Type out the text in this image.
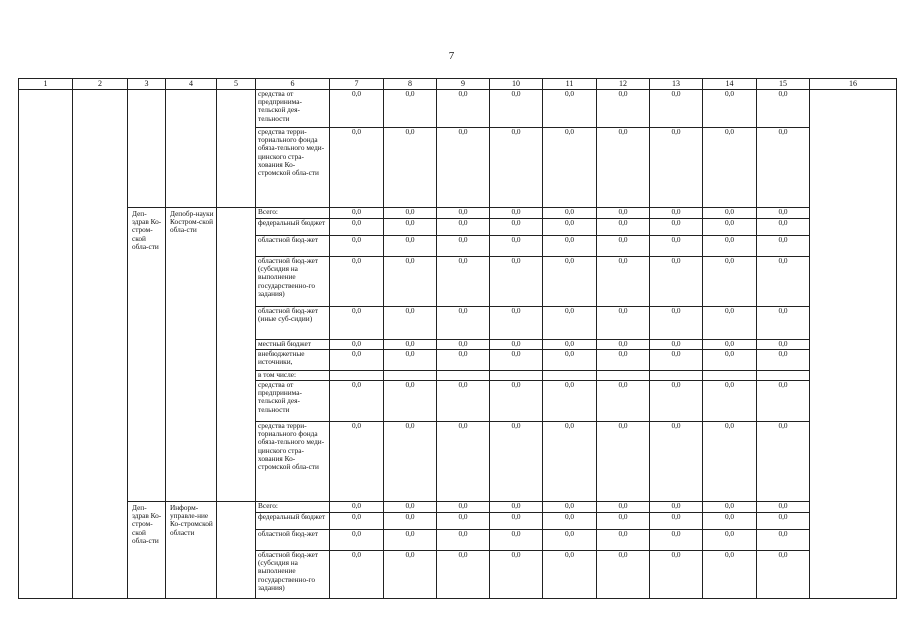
7
1	2	3	4	5	6	7	8	9	10	11	12	13	14	15	16
					средства от предпринима-тельской дея-тельности	0,0	0,0	0,0	0,0	0,0	0,0	0,0	0,0	0,0	
					средства терри-ториального фонда обяза-тельного меди-цинского стра-хования Ко-стромской обла-сти	0,0	0,0	0,0	0,0	0,0	0,0	0,0	0,0	0,0	
		Деп-здрав Ко-стром-ской обла-сти	Депобр-науки Костром-ской обла-сти		Всего:	0,0	0,0	0,0	0,0	0,0	0,0	0,0	0,0	0,0	
					федеральный бюджет	0,0	0,0	0,0	0,0	0,0	0,0	0,0	0,0	0,0	
					областной бюд-жет	0,0	0,0	0,0	0,0	0,0	0,0	0,0	0,0	0,0	
					областной бюд-жет (субсидия на выполнение государственно-го задания)	0,0	0,0	0,0	0,0	0,0	0,0	0,0	0,0	0,0	
					областной бюд-жет (иные суб-сидии)	0,0	0,0	0,0	0,0	0,0	0,0	0,0	0,0	0,0	
					местный бюджет	0,0	0,0	0,0	0,0	0,0	0,0	0,0	0,0	0,0	
					внебюджетные источники,	0,0	0,0	0,0	0,0	0,0	0,0	0,0	0,0	0,0	
					в том числе:										
					средства от предпринима-тельской дея-тельности	0,0	0,0	0,0	0,0	0,0	0,0	0,0	0,0	0,0	
					средства терри-ториального фонда обяза-тельного меди-цинского стра-хования Ко-стромской обла-сти	0,0	0,0	0,0	0,0	0,0	0,0	0,0	0,0	0,0	
		Деп-здрав Ко-стром-ской обла-сти	Информ-управле-ние Ко-стромской области		Всего:	0,0	0,0	0,0	0,0	0,0	0,0	0,0	0,0	0,0	
					федеральный бюджет	0,0	0,0	0,0	0,0	0,0	0,0	0,0	0,0	0,0	
					областной бюд-жет	0,0	0,0	0,0	0,0	0,0	0,0	0,0	0,0	0,0	
					областной бюд-жет (субсидия на выполнение государственно-го задания)	0,0	0,0	0,0	0,0	0,0	0,0	0,0	0,0	0,0	
